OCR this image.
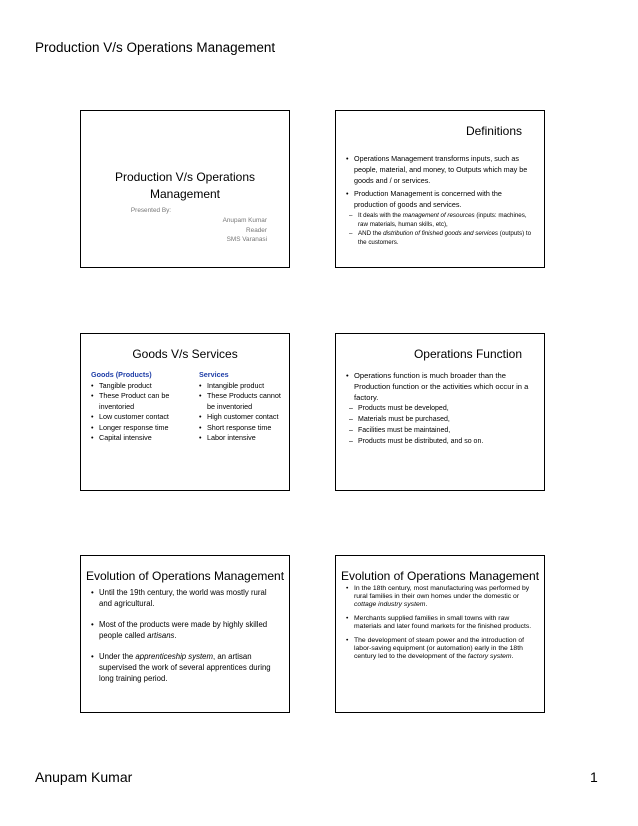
Production V/s Operations Management
Production V/s Operations
Management
Presented By:
Anupam Kumar
Reader
SMS Varanasi
Definitions
• Operations Management transforms inputs, such as people, material, and money, to Outputs which may be goods and / or services.
• Production Management is concerned with the production of goods and services.
– It deals with the management of resources (inputs: machines, raw materials, human skills, etc),
– AND the distribution of finished goods and services (outputs) to the customers.
Goods V/s Services
Goods (Products)
• Tangible product
• These Product can be inventoried
• Low customer contact
• Longer response time
• Capital intensive
Services
• Intangible product
• These Products cannot be inventoried
• High customer contact
• Short response time
• Labor intensive
Operations Function
• Operations function is much broader than the Production function or the activities which occur in a factory.
– Products must be developed,
– Materials must be purchased,
– Facilities must be maintained,
– Products must be distributed, and so on.
Evolution of Operations Management
• Until the 19th century, the world was mostly rural and agricultural.
• Most of the products were made by highly skilled people called artisans.
• Under the apprenticeship system, an artisan supervised the work of several apprentices during long training period.
Evolution of Operations Management
• In the 18th century, most manufacturing was performed by rural families in their own homes under the domestic or cottage industry system.
• Merchants supplied families in small towns with raw materials and later found markets for the finished products.
• The development of steam power and the introduction of labor-saving equipment (or automation) early in the 18th century led to the development of the factory system.
Anupam Kumar	1
